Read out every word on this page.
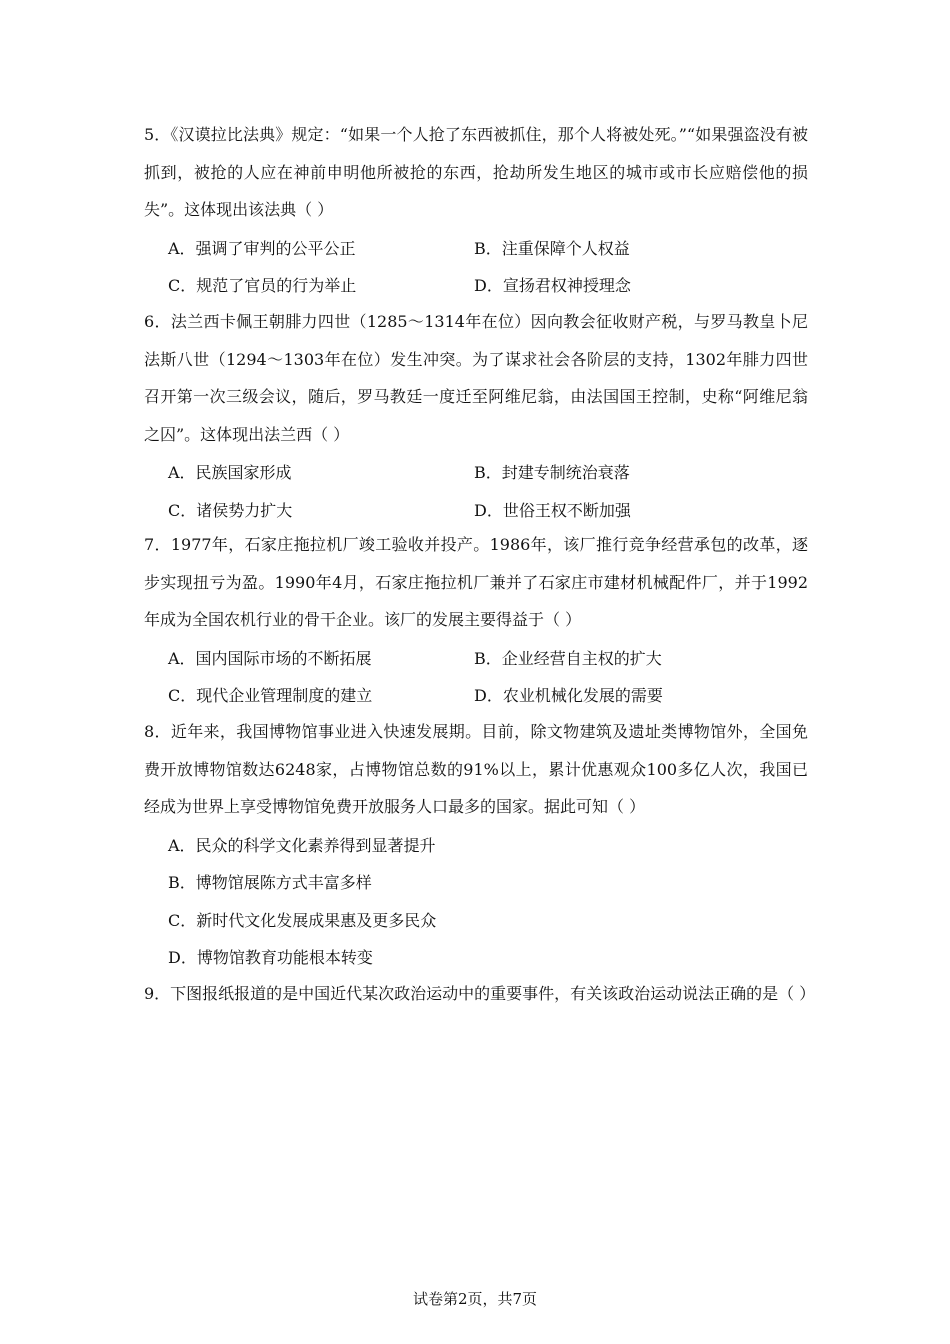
5．《汉谟拉比法典》规定：“如果一个人抢了东西被抓住，那个人将被处死。”“如果强盗没有被抓到，被抢的人应在神前申明他所被抢的东西，抢劫所发生地区的城市或市长应赔偿他的损失”。这体现出该法典（ ）

A．强调了审判的公平公正	B．注重保障个人权益
C．规范了官员的行为举止	D．宣扬君权神授理念

6．法兰西卡佩王朝腓力四世（1285～1314年在位）因向教会征收财产税，与罗马教皇卜尼法斯八世（1294～1303年在位）发生冲突。为了谋求社会各阶层的支持，1302年腓力四世召开第一次三级会议，随后，罗马教廷一度迁至阿维尼翁，由法国国王控制，史称“阿维尼翁之囚”。这体现出法兰西（ ）

A．民族国家形成	B．封建专制统治衰落
C．诸侯势力扩大	D．世俗王权不断加强

7．1977年，石家庄拖拉机厂竣工验收并投产。1986年，该厂推行竞争经营承包的改革，逐步实现扭亏为盈。1990年4月，石家庄拖拉机厂兼并了石家庄市建材机械配件厂，并于1992年成为全国农机行业的骨干企业。该厂的发展主要得益于（ ）

A．国内国际市场的不断拓展	B．企业经营自主权的扩大
C．现代企业管理制度的建立	D．农业机械化发展的需要

8．近年来，我国博物馆事业进入快速发展期。目前，除文物建筑及遗址类博物馆外，全国免费开放博物馆数达6248家，占博物馆总数的91%以上，累计优惠观众100多亿人次，我国已经成为世界上享受博物馆免费开放服务人口最多的国家。据此可知（ ）

A．民众的科学文化素养得到显著提升
B．博物馆展陈方式丰富多样
C．新时代文化发展成果惠及更多民众
D．博物馆教育功能根本转变

9．下图报纸报道的是中国近代某次政治运动中的重要事件，有关该政治运动说法正确的是（ ）

试卷第2页，共7页
